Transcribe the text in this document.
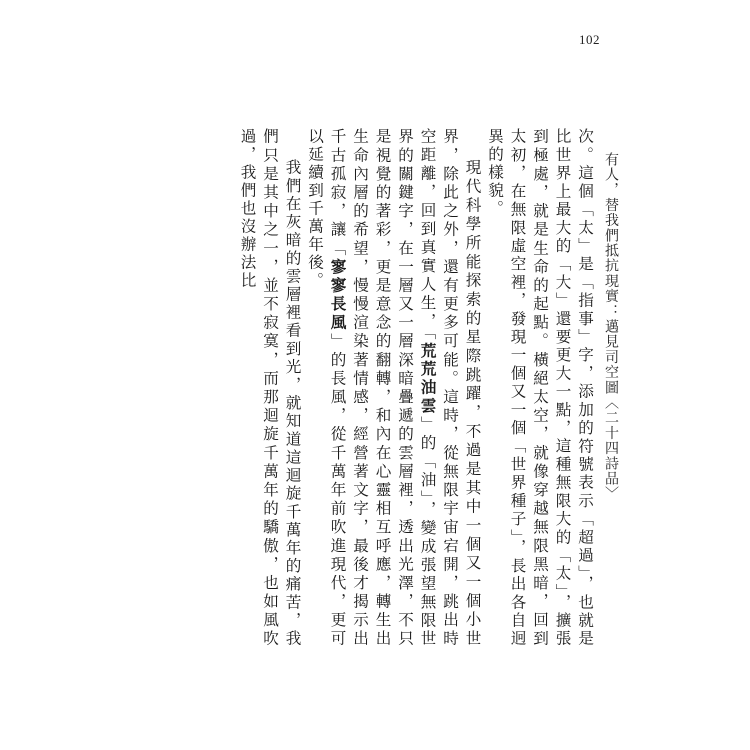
102

有人，替我們抵抗現實：邁見司空圖〈二十四詩品〉

次。這個「太」是「指事」字，添加的符號表示「超過」，也就是比世界上最大的「大」還要更大一點，這種無限大的「太」，擴張到極處，就是生命的起點。橫絕太空，就像穿越無限黑暗，回到太初，在無限虛空裡，發現一個又一個「世界種子」，長出各自迥異的樣貌。

現代科學所能探索的星際跳躍，不過是其中一個又一個小世界，除此之外，還有更多可能。這時，從無限宇宙宕開，跳出時空距離，回到真實人生，「荒荒油雲」的「油」，變成張望無限世界的關鍵字，在一層又一層深暗疊遞的雲層裡，透出光澤，不只是視覺的著彩，更是意念的翻轉，和內在心靈相互呼應，轉生出生命內層的希望，慢慢渲染著情感，經營著文字，最後才揭示出千古孤寂，讓「寥寥長風」的長風，從千萬年前吹進現代，更可以延續到千萬年後。

我們在灰暗的雲層裡看到光，就知道這迴旋千萬年的痛苦，我們只是其中之一，並不寂寞，而那迴旋千萬年的驕傲，也如風吹過，我們也沒辦法比
